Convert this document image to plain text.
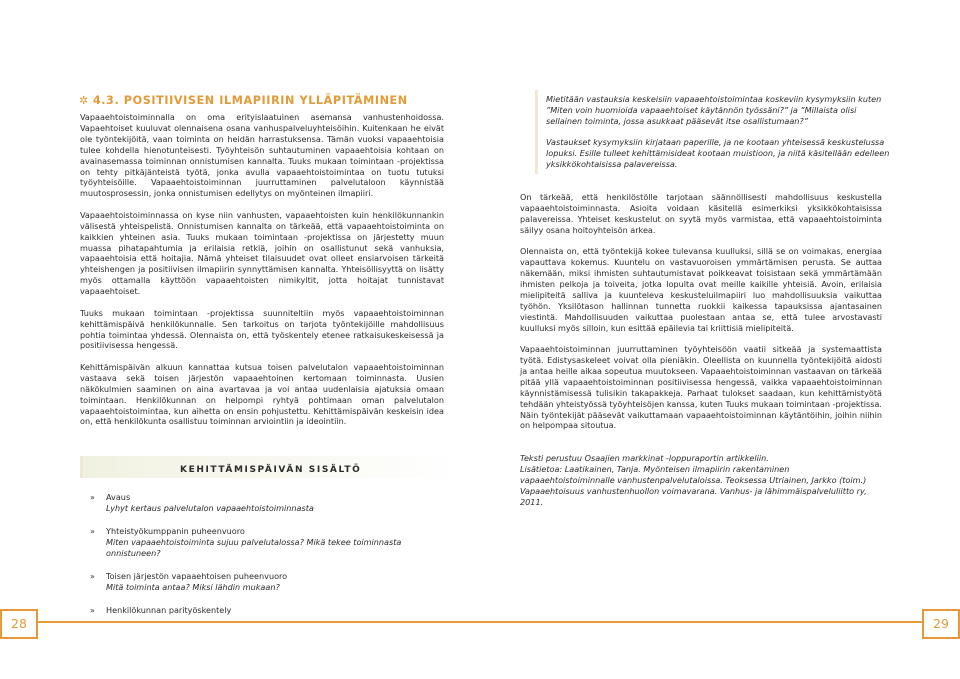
✲ 4.3. POSITIIVISEN ILMAPIIRIN YLLÄPITÄMINEN

Vapaaehtoistoiminnalla on oma erityislaatuinen asemansa vanhustenhoidossa. Vapaehtoiset kuuluvat olennaisena osana vanhuspalveluyhteisöihin. Kuitenkaan he eivät ole työntekijöitä, vaan toiminta on heidän harrastuksensa. Tämän vuoksi vapaaehtoisia tulee kohdella hienotunteisesti. Työyhteisön suhtautuminen vapaaehtoisia kohtaan on avainasemassa toiminnan onnistumisen kannalta. Tuuks mukaan toimintaan -projektissa on tehty pitkäjänteistä työtä, jonka avulla vapaaehtoistoimintaa on tuotu tutuksi työyhteisöille. Vapaaehtoistoiminnan juurruttaminen palvelutaloon käynnistää muutosprosessin, jonka onnistumisen edellytys on myönteinen ilmapiiri.

Vapaaehtoistoiminnassa on kyse niin vanhusten, vapaaehtoisten kuin henkilökunnankin välisestä yhteispelistä. Onnistumisen kannalta on tärkeää, että vapaaehtoistoiminta on kaikkien yhteinen asia. Tuuks mukaan toimintaan -projektissa on järjestetty muun muassa pihatapahtumia ja erilaisia retkiä, joihin on osallistunut sekä vanhuksia, vapaaehtoisia että hoitajia. Nämä yhteiset tilaisuudet ovat olleet ensiarvoisen tärkeitä yhteishengen ja positiivisen ilmapiirin synnyttämisen kannalta. Yhteisöllisyyttä on lisätty myös ottamalla käyttöön vapaaehtoisten nimikyltit, jotta hoitajat tunnistavat vapaaehtoiset.

Tuuks mukaan toimintaan -projektissa suunniteltiin myös vapaaehtoistoiminnan kehittämispäivä henkilökunnalle. Sen tarkoitus on tarjota työntekijöille mahdollisuus pohtia toimintaa yhdessä. Olennaista on, että työskentely etenee ratkaisukeskeisessä ja positiivisessa hengessä.

Kehittämispäivän alkuun kannattaa kutsua toisen palvelutalon vapaaehtoistoiminnan vastaava sekä toisen järjestön vapaaehtoinen kertomaan toiminnasta. Uusien näkökulmien saaminen on aina avartavaa ja voi antaa uudenlaisia ajatuksia omaan toimintaan. Henkilökunnan on helpompi ryhtyä pohtimaan oman palvelutalon vapaaehtoistoimintaa, kun aihetta on ensin pohjustettu. Kehittämispäivän keskeisin idea on, että henkilökunta osallistuu toiminnan arviointiin ja ideointiin.

KEHITTÄMISPÄIVÄN SISÄLTÖ
» Avaus
Lyhyt kertaus palvelutalon vapaaehtoistoiminnasta
» Yhteistyökumppanin puheenvuoro
Miten vapaaehtoistoiminta sujuu palvelutalossa? Mikä tekee toiminnasta onnistuneen?
» Toisen järjestön vapaaehtoisen puheenvuoro
Mitä toiminta antaa? Miksi lähdin mukaan?
» Henkilökunnan parityöskentely
28

Mietitään vastauksia keskeisiin vapaaehtoistoimintaa koskeviin kysymyksiin kuten ”Miten voin huomioida vapaaehtoiset käytännön työssäni?” ja ”Millaista olisi sellainen toiminta, jossa asukkaat pääsevät itse osallistumaan?”

Vastaukset kysymyksiin kirjataan paperille, ja ne kootaan yhteisessä keskustelussa lopuksi. Esille tulleet kehittämisideat kootaan muistioon, ja niitä käsitellään edelleen yksikkökohtaisissa palavereissa.

On tärkeää, että henkilöstölle tarjotaan säännöllisesti mahdollisuus keskustella vapaaehtoistoiminnasta. Asioita voidaan käsitellä esimerkiksi yksikkökohtaisissa palavereissa. Yhteiset keskustelut on syytä myös varmistaa, että vapaaehtoistoiminta säilyy osana hoitoyhteisön arkea.

Olennaista on, että työntekijä kokee tulevansa kuulluksi, sillä se on voimakas, energiaa vapauttava kokemus. Kuuntelu on vastavuoroisen ymmärtämisen perusta. Se auttaa näkemään, miksi ihmisten suhtautumistavat poikkeavat toisistaan sekä ymmärtämään ihmisten pelkoja ja toiveita, jotka lopulta ovat meille kaikille yhteisiä. Avoin, erilaisia mielipiteitä salliva ja kuunteleva keskusteluilmapiiri luo mahdollisuuksia vaikuttaa työhön. Yksilötason hallinnan tunnetta ruokkii kaikessa tapauksissa ajantasainen viestintä. Mahdollisuuden vaikuttaa puolestaan antaa se, että tulee arvostavasti kuulluksi myös silloin, kun esittää epäilevia tai kriittisiä mielipiteitä.

Vapaaehtoistoiminnan juurruttaminen työyhteisöön vaatii sitkeää ja systemaattista työtä. Edistysaskeleet voivat olla pieniäkin. Oleellista on kuunnella työntekijöitä aidosti ja antaa heille aikaa sopeutua muutokseen. Vapaaehtoistoiminnan vastaavan on tärkeää pitää yllä vapaaehtoistoiminnan positiivisessa hengessä, vaikka vapaaehtoistoiminnan käynnistämisessä tulisikin takapakkeja. Parhaat tulokset saadaan, kun kehittämistyötä tehdään yhteistyössä työyhteisöjen kanssa, kuten Tuuks mukaan toimintaan -projektissa. Näin työntekijät pääsevät vaikuttamaan vapaaehtoistoiminnan käytäntöihin, joihin niihin on helpompaa sitoutua.

Teksti perustuu Osaajien markkinat -loppuraportin artikkeliin.

Lisätietoa: Laatikainen, Tanja. Myönteisen ilmapiirin rakentaminen vapaaehtoistoiminnalle vanhustenpalvelutaloissa. Teoksessa Utriainen, Jarkko (toim.) Vapaaehtoisuus vanhustenhuollon voimavarana. Vanhus- ja lähimmäispalveluliitto ry, 2011.

29
